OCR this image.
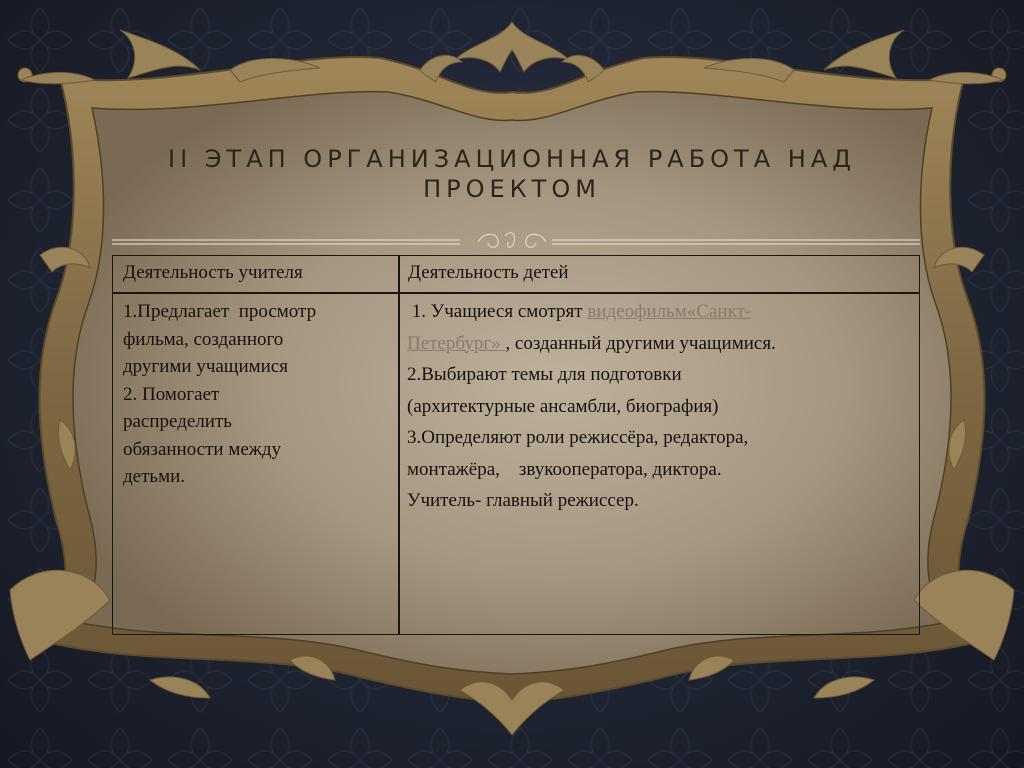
II ЭТАП ОРГАНИЗАЦИОННАЯ РАБОТА НАД
ПРОЕКТОМ
Деятельность учителя	Деятельность детей
1.Предлагает  просмотр
фильма, созданного
другими учащимися
2. Помогает
распределить
обязанности между
детьми.
1. Учащиеся смотрят видеофильм«Санкт-
Петербург» , созданный другими учащимися.
2.Выбирают темы для подготовки
(архитектурные ансамбли, биография)
3.Определяют роли режиссёра, редактора,
монтажёра,    звукооператора, диктора.
Учитель- главный режиссер.
